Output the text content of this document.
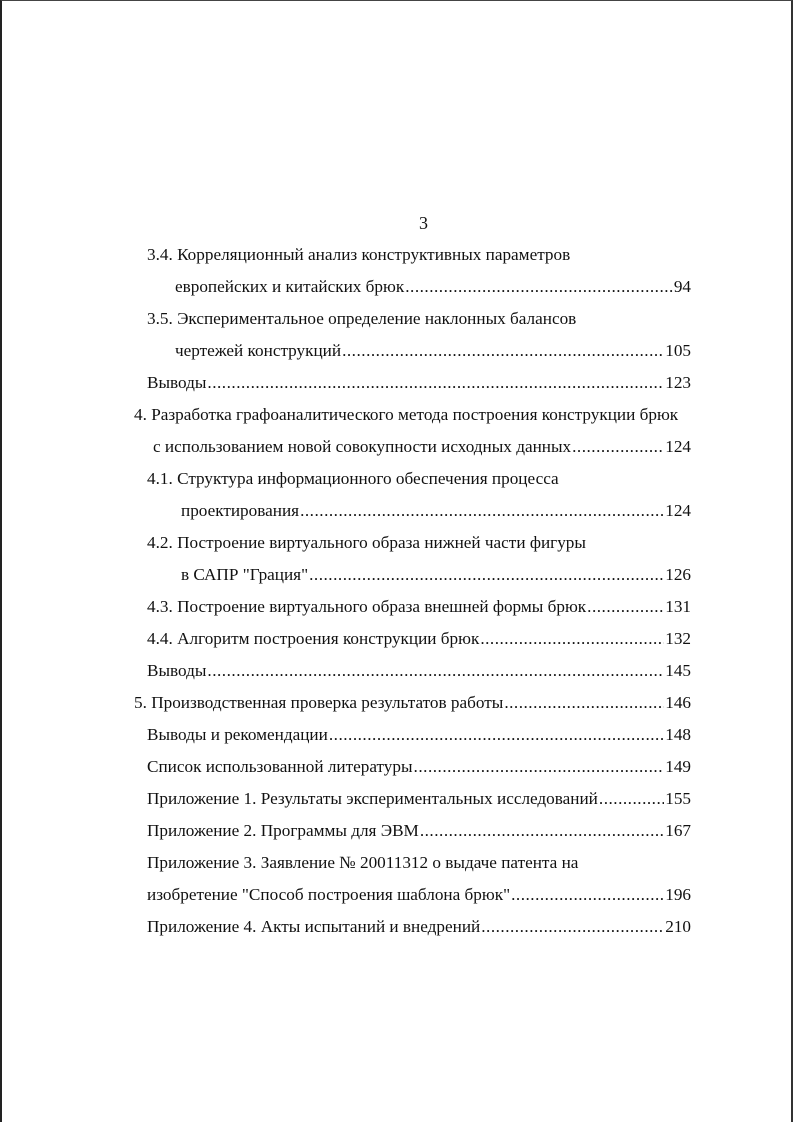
3
3.4. Корреляционный анализ конструктивных параметров
европейских и китайских брюк .....	94
3.5. Экспериментальное определение наклонных балансов
чертежей конструкций .....	105
Выводы .....	123
4. Разработка графоаналитического метода построения конструкции брюк
с использованием новой совокупности исходных данных .....	124
4.1. Структура информационного обеспечения процесса
проектирования .....	124
4.2. Построение виртуального образа нижней части фигуры
в САПР "Грация" .....	126
4.3. Построение виртуального образа внешней формы брюк .....	131
4.4. Алгоритм построения конструкции брюк .....	132
Выводы .....	145
5. Производственная проверка результатов работы .....	146
Выводы и рекомендации .....	148
Список использованной литературы .....	149
Приложение 1. Результаты экспериментальных исследований .....	155
Приложение 2. Программы для ЭВМ .....	167
Приложение 3. Заявление № 20011312 о выдаче патента на
изобретение "Способ построения шаблона брюк" .....	196
Приложение 4. Акты испытаний и внедрений .....	210
